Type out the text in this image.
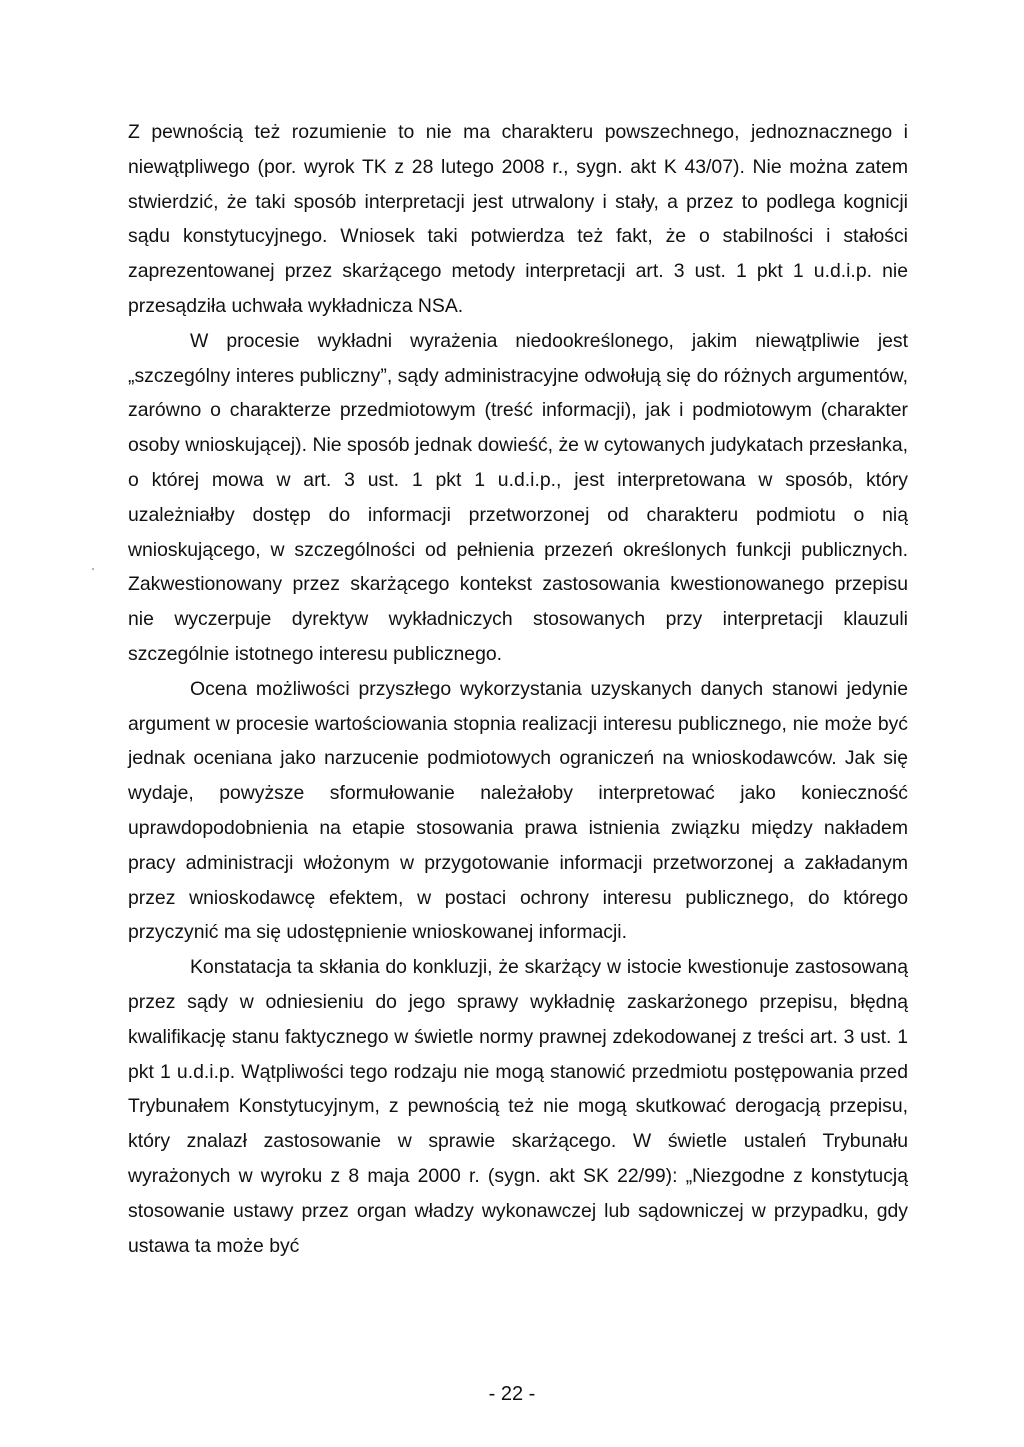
Z pewnością też rozumienie to nie ma charakteru powszechnego, jednoznacznego i niewątpliwego (por. wyrok TK z 28 lutego 2008 r., sygn. akt K 43/07). Nie można zatem stwierdzić, że taki sposób interpretacji jest utrwalony i stały, a przez to podlega kognicji sądu konstytucyjnego. Wniosek taki potwierdza też fakt, że o stabilności i stałości zaprezentowanej przez skarżącego metody interpretacji art. 3 ust. 1 pkt 1 u.d.i.p. nie przesądziła uchwała wykładnicza NSA.

W procesie wykładni wyrażenia niedookreślonego, jakim niewątpliwie jest „szczególny interes publiczny”, sądy administracyjne odwołują się do różnych argumentów, zarówno o charakterze przedmiotowym (treść informacji), jak i podmiotowym (charakter osoby wnioskującej). Nie sposób jednak dowieść, że w cytowanych judykatach przesłanka, o której mowa w art. 3 ust. 1 pkt 1 u.d.i.p., jest interpretowana w sposób, który uzależniałby dostęp do informacji przetworzonej od charakteru podmiotu o nią wnioskującego, w szczególności od pełnienia przezeń określonych funkcji publicznych. Zakwestionowany przez skarżącego kontekst zastosowania kwestionowanego przepisu nie wyczerpuje dyrektyw wykładniczych stosowanych przy interpretacji klauzuli szczególnie istotnego interesu publicznego.

Ocena możliwości przyszłego wykorzystania uzyskanych danych stanowi jedynie argument w procesie wartościowania stopnia realizacji interesu publicznego, nie może być jednak oceniana jako narzucenie podmiotowych ograniczeń na wnioskodawców. Jak się wydaje, powyższe sformułowanie należałoby interpretować jako konieczność uprawdopodobnienia na etapie stosowania prawa istnienia związku między nakładem pracy administracji włożonym w przygotowanie informacji przetworzonej a zakładanym przez wnioskodawcę efektem, w postaci ochrony interesu publicznego, do którego przyczynić ma się udostępnienie wnioskowanej informacji.

Konstatacja ta skłania do konkluzji, że skarżący w istocie kwestionuje zastosowaną przez sądy w odniesieniu do jego sprawy wykładnię zaskarżonego przepisu, błędną kwalifikację stanu faktycznego w świetle normy prawnej zdekodowanej z treści art. 3 ust. 1 pkt 1 u.d.i.p. Wątpliwości tego rodzaju nie mogą stanowić przedmiotu postępowania przed Trybunałem Konstytucyjnym, z pewnością też nie mogą skutkować derogacją przepisu, który znalazł zastosowanie w sprawie skarżącego. W świetle ustaleń Trybunału wyrażonych w wyroku z 8 maja 2000 r. (sygn. akt SK 22/99): „Niezgodne z konstytucją stosowanie ustawy przez organ władzy wykonawczej lub sądowniczej w przypadku, gdy ustawa ta może być

- 22 -
